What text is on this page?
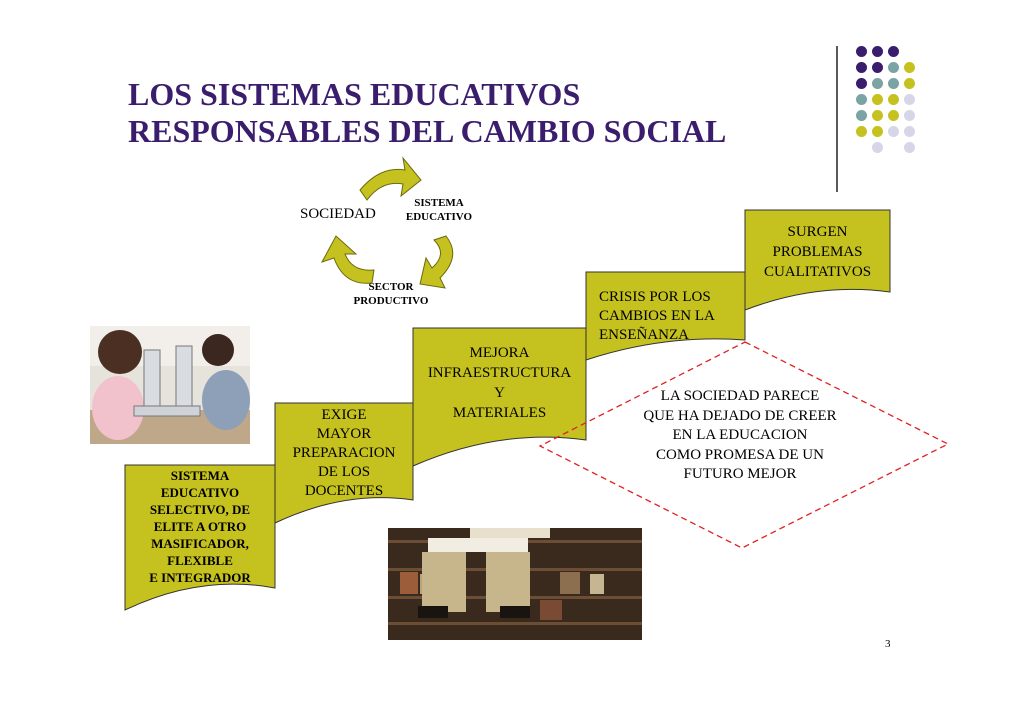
LOS SISTEMAS EDUCATIVOS
RESPONSABLES DEL CAMBIO SOCIAL
SOCIEDAD
SISTEMA
EDUCATIVO
SECTOR
PRODUCTIVO
SISTEMA
EDUCATIVO
SELECTIVO, DE
ELITE A OTRO
MASIFICADOR,
FLEXIBLE
E INTEGRADOR
EXIGE
MAYOR
PREPARACION
DE LOS
DOCENTES
MEJORA
INFRAESTRUCTURA
Y
MATERIALES
CRISIS POR LOS
CAMBIOS EN LA
ENSEÑANZA
SURGEN
PROBLEMAS
CUALITATIVOS
LA SOCIEDAD PARECE
QUE HA DEJADO DE CREER
EN LA EDUCACION
COMO PROMESA DE UN
FUTURO MEJOR
3
